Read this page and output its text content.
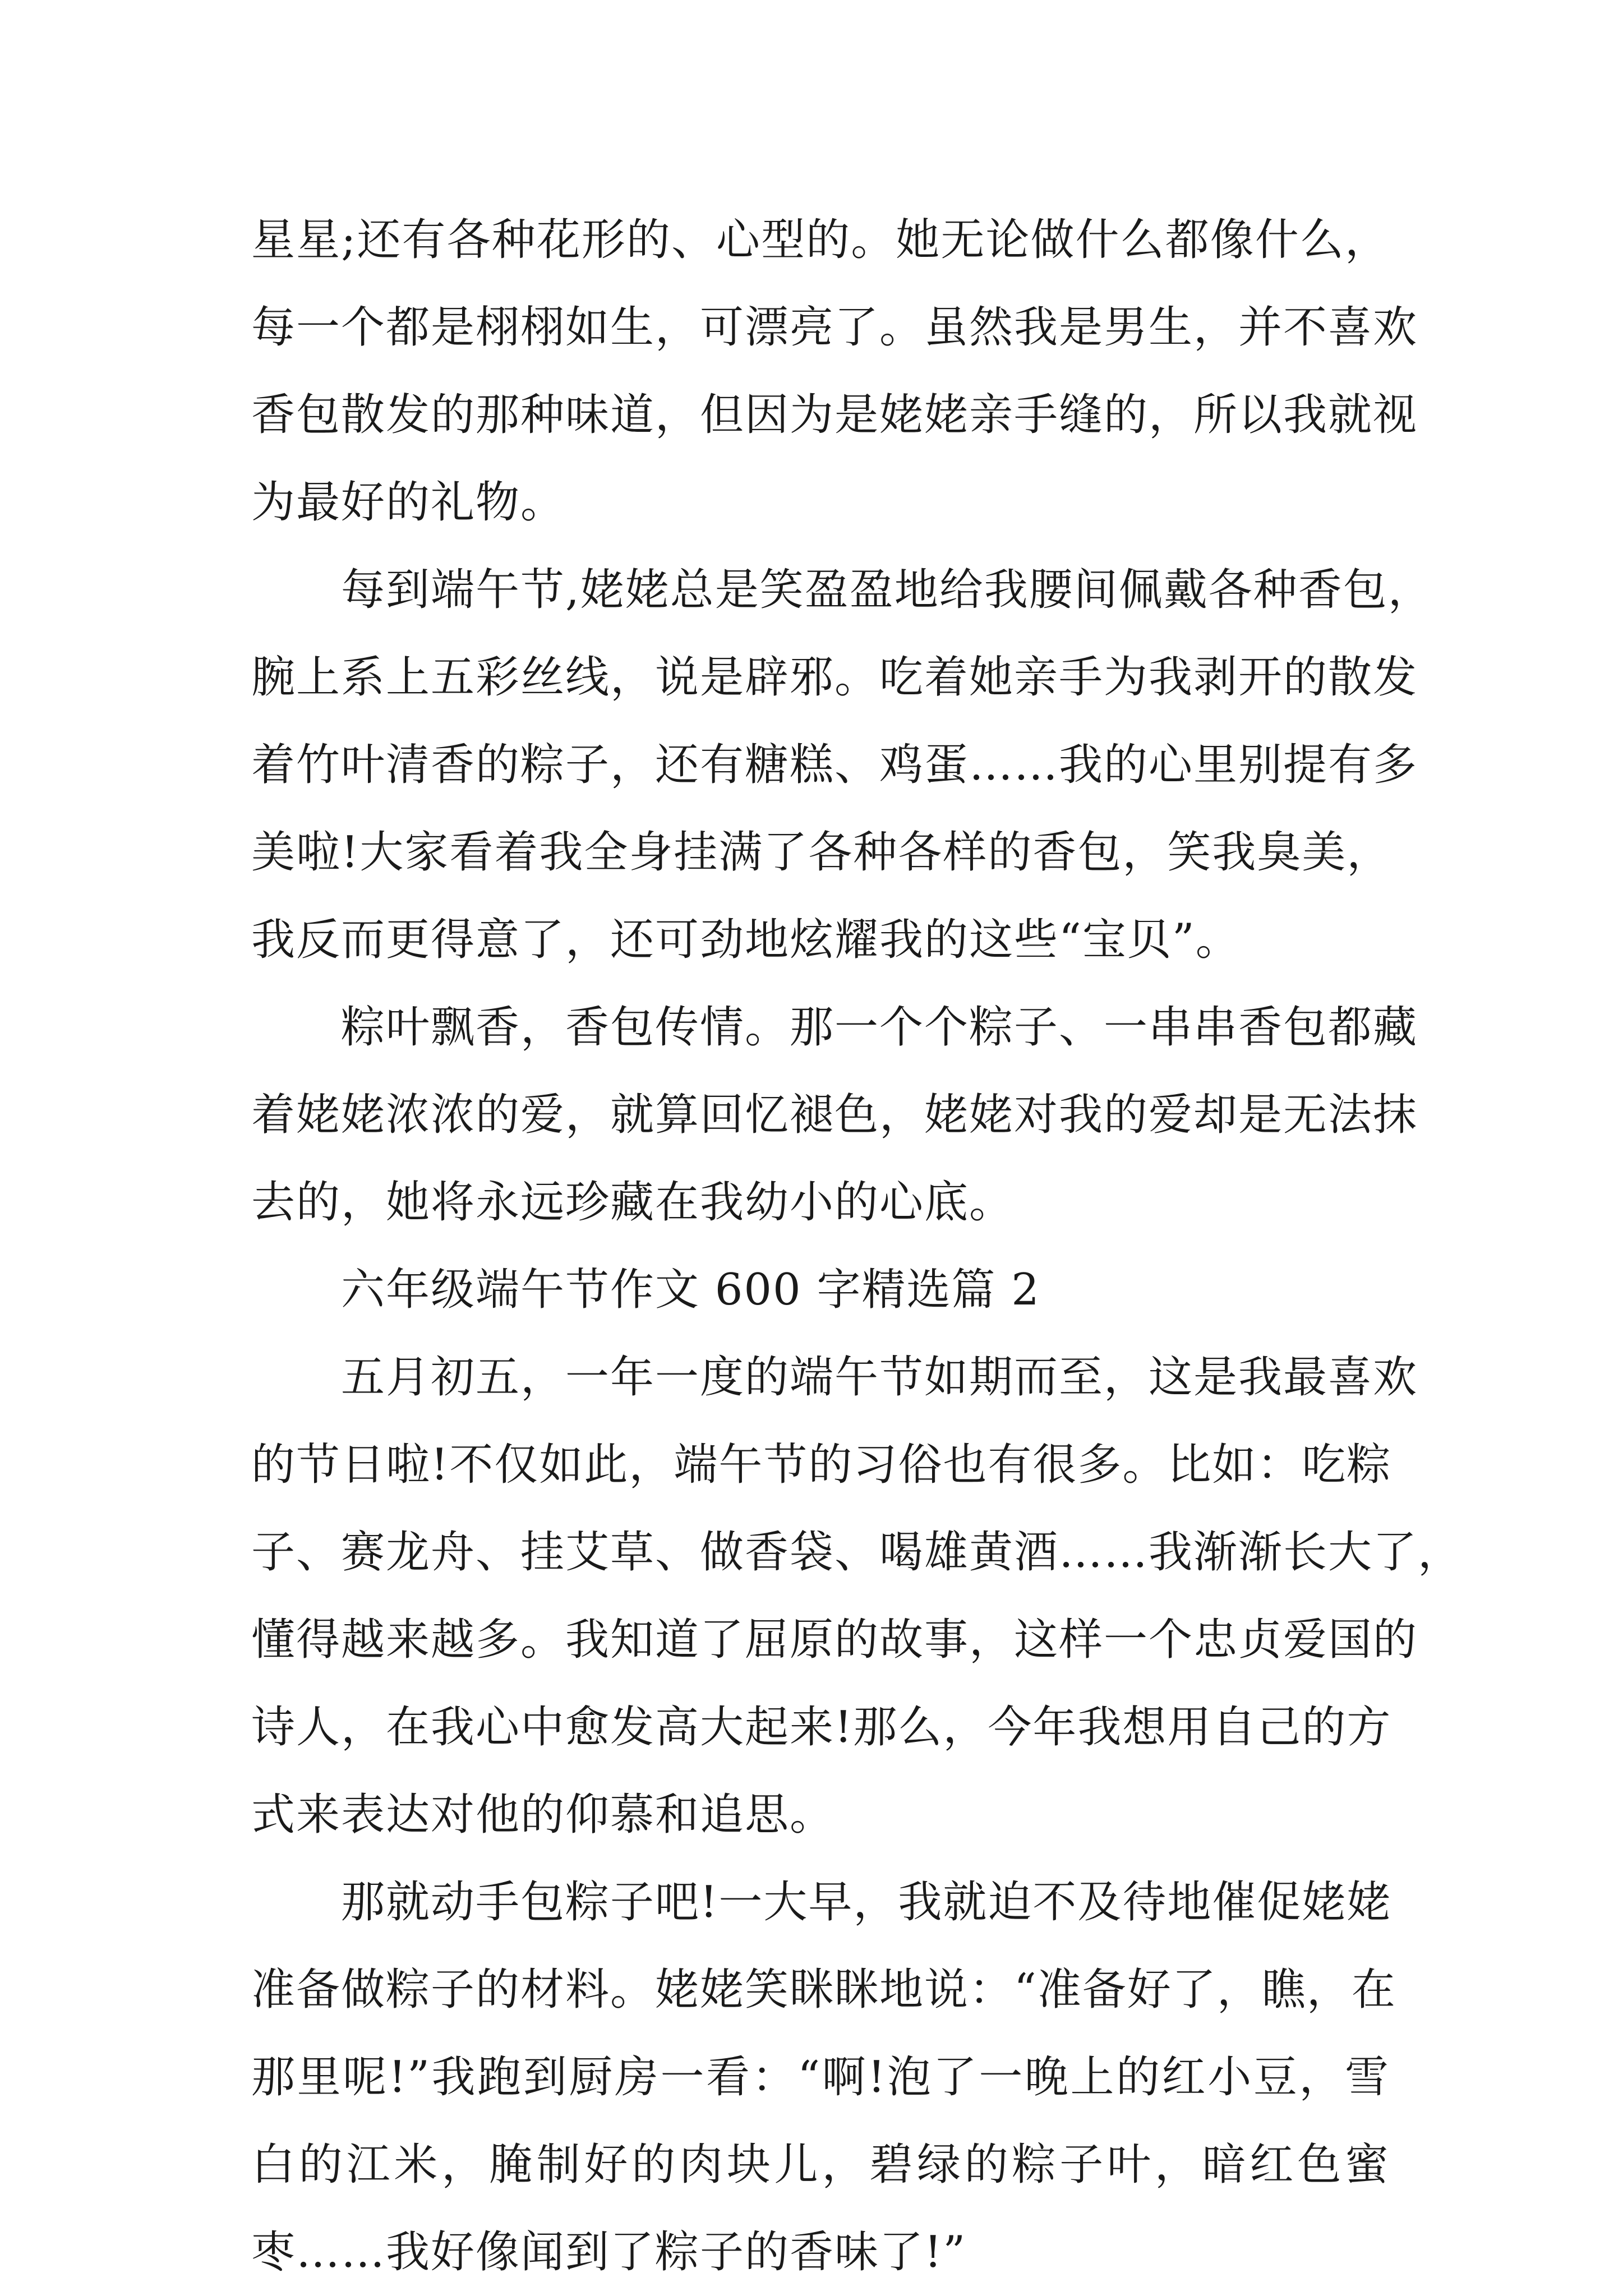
星星;还有各种花形的、心型的。她无论做什么都像什么，
每一个都是栩栩如生，可漂亮了。虽然我是男生，并不喜欢
香包散发的那种味道，但因为是姥姥亲手缝的，所以我就视
为最好的礼物。
每到端午节,姥姥总是笑盈盈地给我腰间佩戴各种香包，
腕上系上五彩丝线，说是辟邪。吃着她亲手为我剥开的散发
着竹叶清香的粽子，还有糖糕、鸡蛋……我的心里别提有多
美啦!大家看着我全身挂满了各种各样的香包，笑我臭美，
我反而更得意了，还可劲地炫耀我的这些“宝贝”。
粽叶飘香，香包传情。那一个个粽子、一串串香包都藏
着姥姥浓浓的爱，就算回忆褪色，姥姥对我的爱却是无法抹
去的，她将永远珍藏在我幼小的心底。
六年级端午节作文 600 字精选篇 2
五月初五，一年一度的端午节如期而至，这是我最喜欢
的节日啦!不仅如此，端午节的习俗也有很多。比如：吃粽
子、赛龙舟、挂艾草、做香袋、喝雄黄酒……我渐渐长大了，
懂得越来越多。我知道了屈原的故事，这样一个忠贞爱国的
诗人，在我心中愈发高大起来!那么，今年我想用自己的方
式来表达对他的仰慕和追思。
那就动手包粽子吧!一大早，我就迫不及待地催促姥姥
准备做粽子的材料。姥姥笑眯眯地说：“准备好了，瞧，在
那里呢!”我跑到厨房一看：“啊!泡了一晚上的红小豆，雪
白的江米，腌制好的肉块儿，碧绿的粽子叶，暗红色蜜
枣……我好像闻到了粽子的香味了!”
